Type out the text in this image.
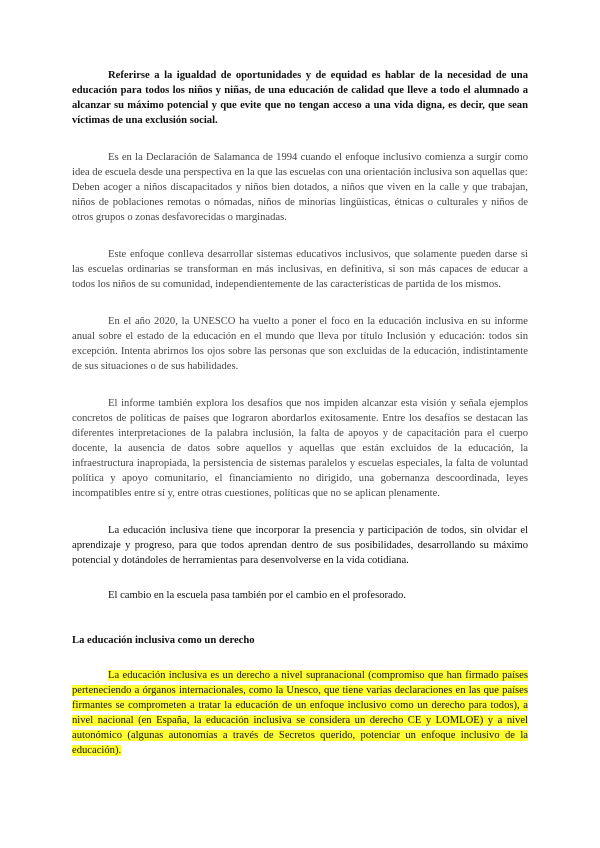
Referirse a la igualdad de oportunidades y de equidad es hablar de la necesidad de una educación para todos los niños y niñas, de una educación de calidad que lleve a todo el alumnado a alcanzar su máximo potencial y que evite que no tengan acceso a una vida digna, es decir, que sean víctimas de una exclusión social.

Es en la Declaración de Salamanca de 1994 cuando el enfoque inclusivo comienza a surgir como idea de escuela desde una perspectiva en la que las escuelas con una orientación inclusiva son aquellas que:

Deben acoger a niños discapacitados y niños bien dotados, a niños que viven en la calle y que trabajan, niños de poblaciones remotas o nómadas, niños de minorías lingüísticas, étnicas o culturales y niños de otros grupos o zonas desfavorecidas o marginadas.

Este enfoque conlleva desarrollar sistemas educativos inclusivos, que solamente pueden darse si las escuelas ordinarias se transforman en más inclusivas, en definitiva, si son más capaces de educar a todos los niños de su comunidad, independientemente de las características de partida de los mismos.

En el año 2020, la UNESCO ha vuelto a poner el foco en la educación inclusiva en su informe anual sobre el estado de la educación en el mundo que lleva por título Inclusión y educación: todos sin excepción. Intenta abrirnos los ojos sobre las personas que son excluidas de la educación, indistintamente de sus situaciones o de sus habilidades.

El informe también explora los desafíos que nos impiden alcanzar esta visión y señala ejemplos concretos de políticas de países que lograron abordarlos exitosamente. Entre los desafíos se destacan las diferentes interpretaciones de la palabra inclusión, la falta de apoyos y de capacitación para el cuerpo docente, la ausencia de datos sobre aquellos y aquellas que están excluidos de la educación, la infraestructura inapropiada, la persistencia de sistemas paralelos y escuelas especiales, la falta de voluntad política y apoyo comunitario, el financiamiento no dirigido, una gobernanza descoordinada, leyes incompatibles entre sí y, entre otras cuestiones, políticas que no se aplican plenamente.

La educación inclusiva tiene que incorporar la presencia y participación de todos, sin olvidar el aprendizaje y progreso, para que todos aprendan dentro de sus posibilidades, desarrollando su máximo potencial y dotándoles de herramientas para desenvolverse en la vida cotidiana.

El cambio en la escuela pasa también por el cambio en el profesorado.

La educación inclusiva como un derecho

La educación inclusiva es un derecho a nivel supranacional (compromiso que han firmado países perteneciendo a órganos internacionales, como la Unesco, que tiene varias declaraciones en las que países firmantes se comprometen a tratar la educación de un enfoque inclusivo como un derecho para todos), a nivel nacional (en España, la educación inclusiva se considera un derecho CE y LOMLOE) y a nivel autonómico (algunas autonomías a través de Secretos querido, potenciar un enfoque inclusivo de la educación).
